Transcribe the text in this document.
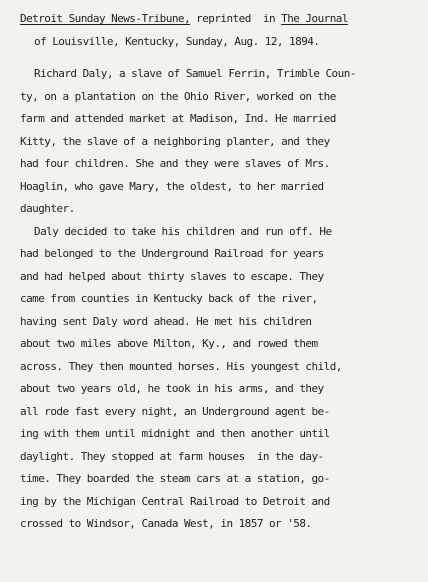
Detroit Sunday News-Tribune, reprinted  in The Journal
of Louisville, Kentucky, Sunday, Aug. 12, 1894.
Richard Daly, a slave of Samuel Ferrin, Trimble Coun-
ty, on a plantation on the Ohio River, worked on the
farm and attended market at Madison, Ind. He married
Kitty, the slave of a neighboring planter, and they
had four children. She and they were slaves of Mrs.
Hoaglin, who gave Mary, the oldest, to her married
daughter.
Daly decided to take his children and run off. He
had belonged to the Underground Railroad for years
and had helped about thirty slaves to escape. They
came from counties in Kentucky back of the river,
having sent Daly word ahead. He met his children
about two miles above Milton, Ky., and rowed them
across. They then mounted horses. His youngest child,
about two years old, he took in his arms, and they
all rode fast every night, an Underground agent be-
ing with them until midnight and then another until
daylight. They stopped at farm houses  in the day-
time. They boarded the steam cars at a station, go-
ing by the Michigan Central Railroad to Detroit and
crossed to Windsor, Canada West, in 1857 or '58.
